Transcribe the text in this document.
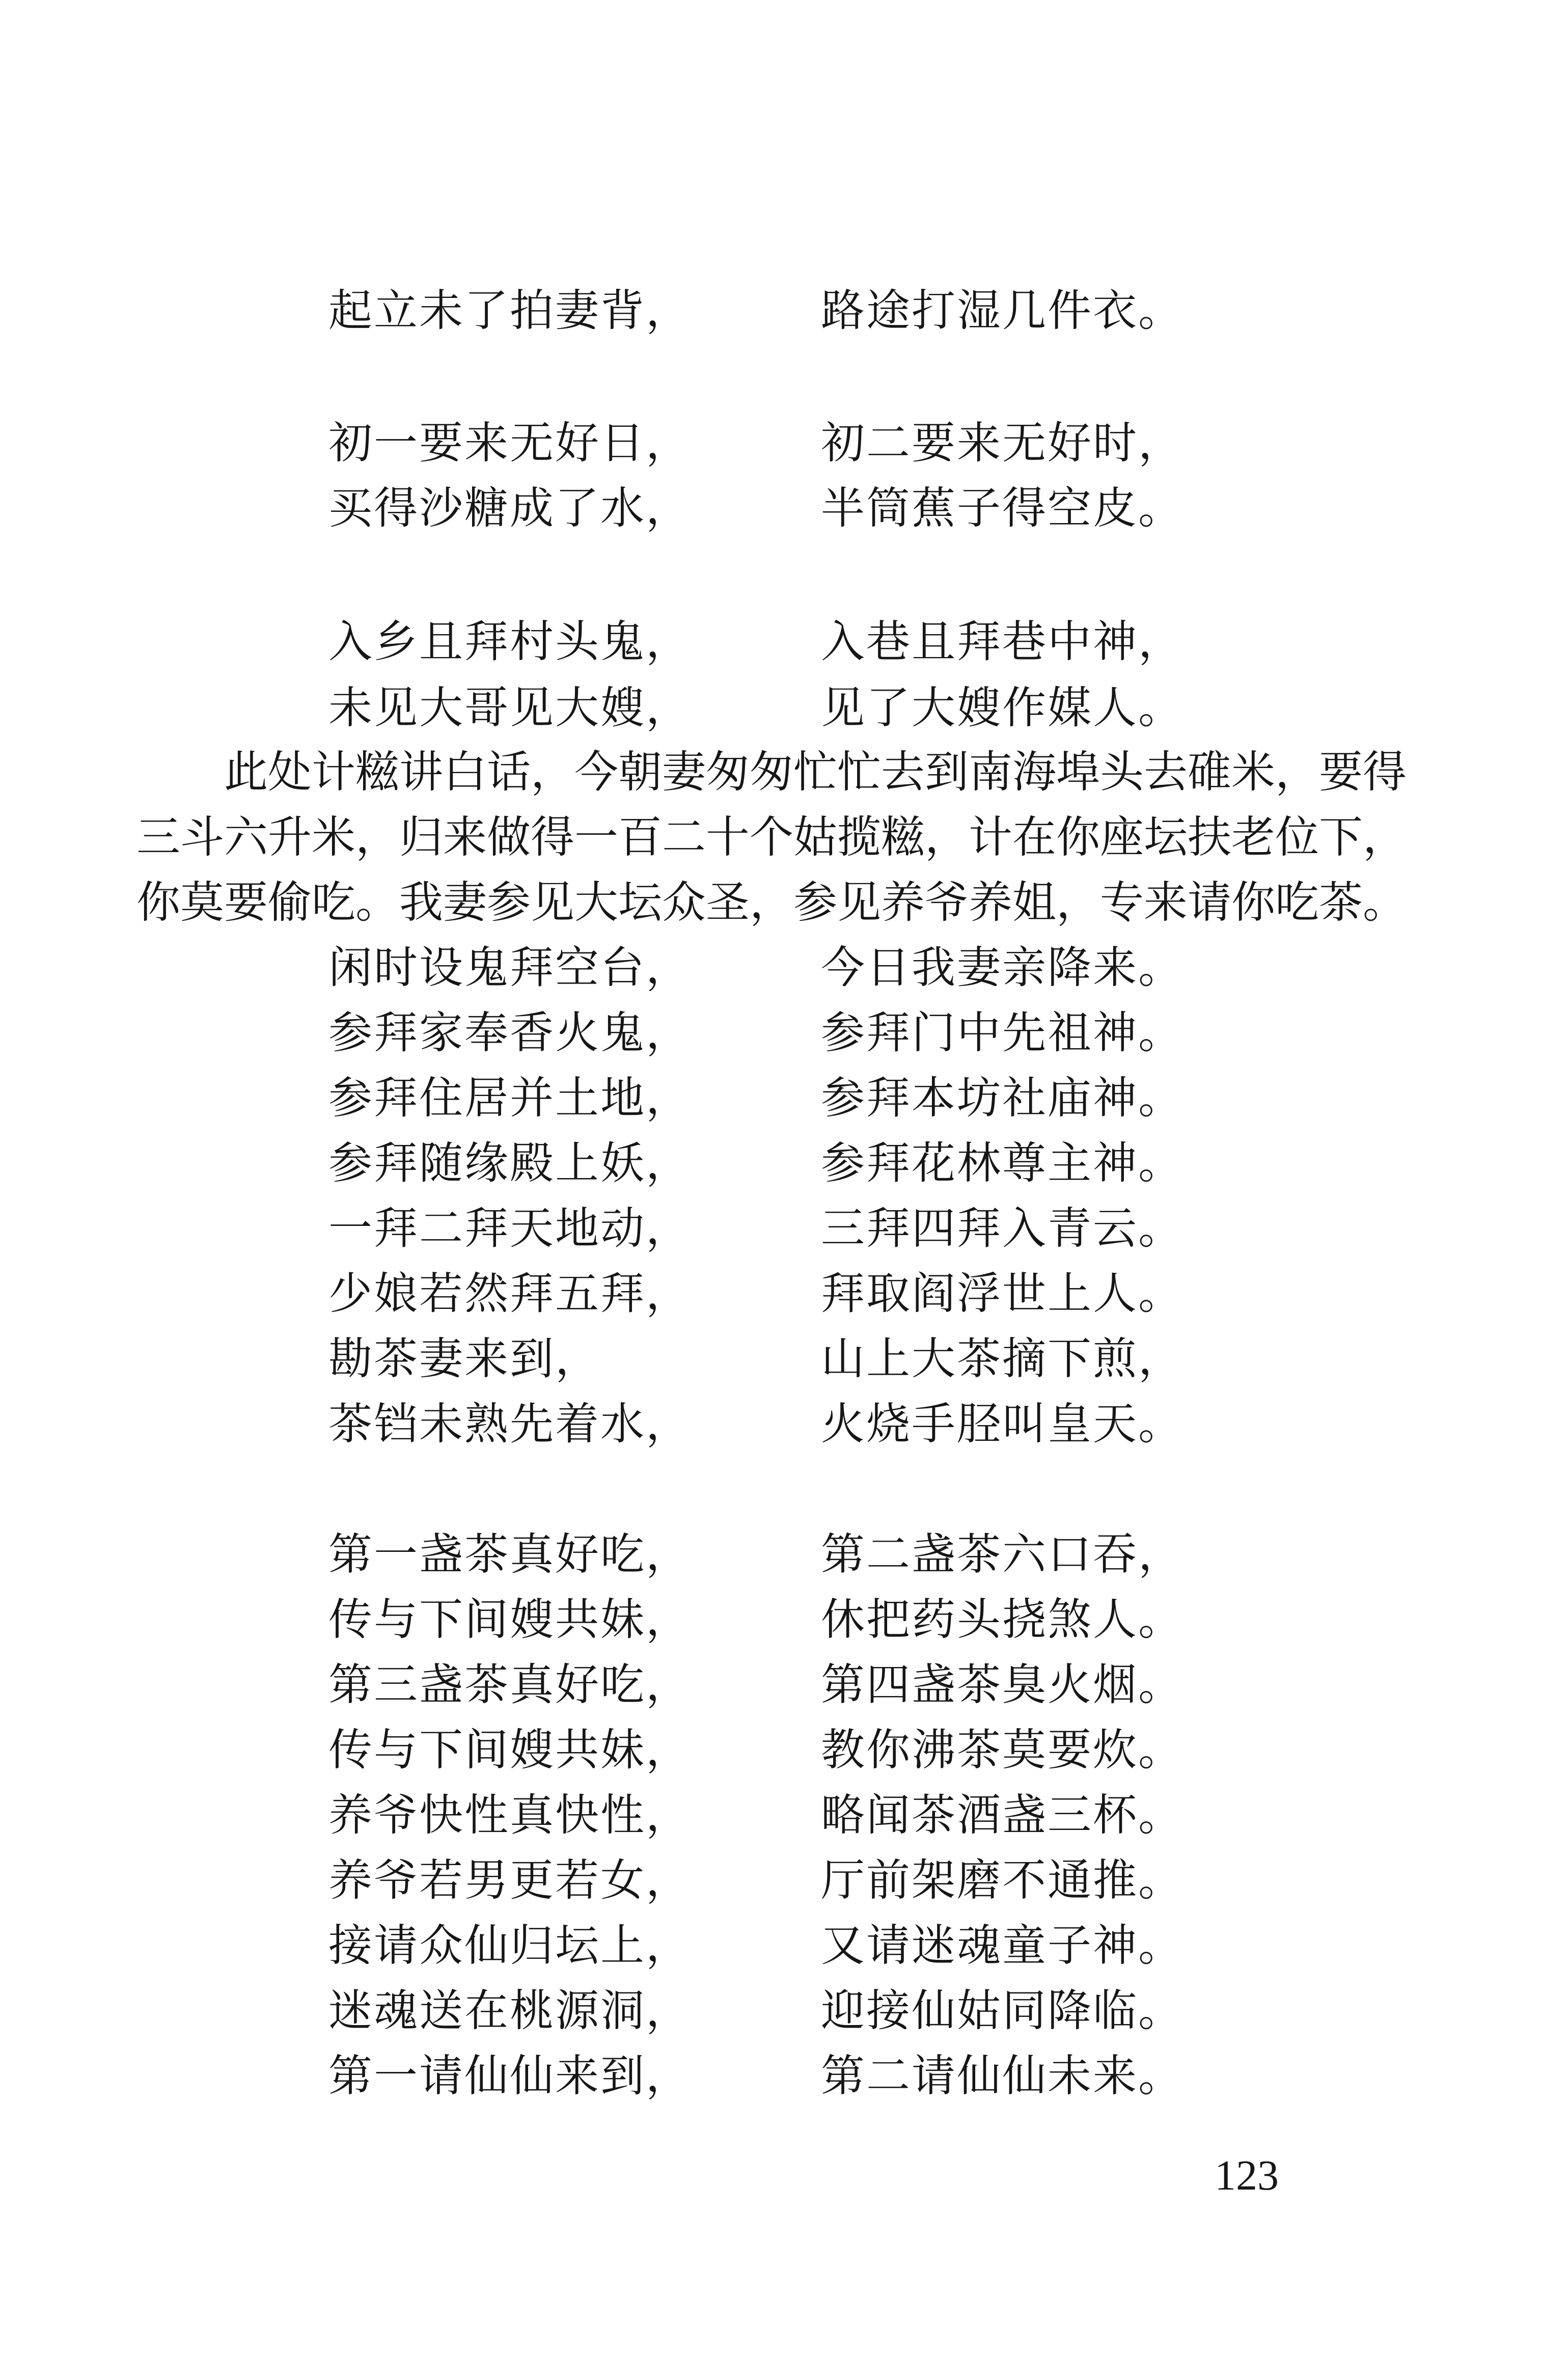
起立未了拍妻背，	路途打湿几件衣。
初一要来无好日，	初二要来无好时，
买得沙糖成了水，	半筒蕉子得空皮。
入乡且拜村头鬼，	入巷且拜巷中神，
未见大哥见大嫂，	见了大嫂作媒人。
此处计糍讲白话，今朝妻匆匆忙忙去到南海埠头去碓米，要得
三斗六升米，归来做得一百二十个姑揽糍，计在你座坛扶老位下，
你莫要偷吃。我妻参见大坛众圣，参见养爷养姐，专来请你吃茶。
闲时设鬼拜空台，	今日我妻亲降来。
参拜家奉香火鬼，	参拜门中先祖神。
参拜住居并土地，	参拜本坊社庙神。
参拜随缘殿上妖，	参拜花林尊主神。
一拜二拜天地动，	三拜四拜入青云。
少娘若然拜五拜，	拜取阎浮世上人。
勘茶妻来到，	山上大茶摘下煎，
茶铛未熟先着水，	火烧手胫叫皇天。
第一盏茶真好吃，	第二盏茶六口吞，
传与下间嫂共妹，	休把药头挠煞人。
第三盏茶真好吃，	第四盏茶臭火烟。
传与下间嫂共妹，	教你沸茶莫要炊。
养爷快性真快性，	略闻茶酒盏三杯。
养爷若男更若女，	厅前架磨不通推。
接请众仙归坛上，	又请迷魂童子神。
迷魂送在桃源洞，	迎接仙姑同降临。
第一请仙仙来到，	第二请仙仙未来。
123
